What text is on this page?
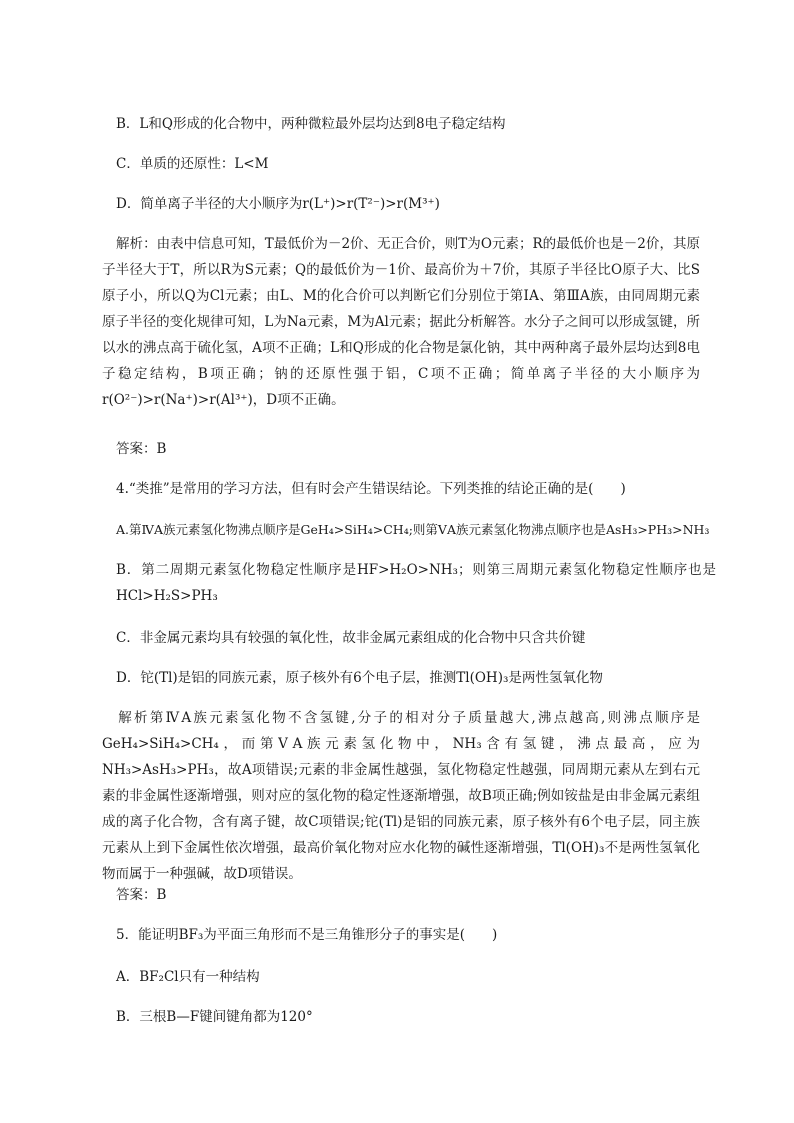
B．L和Q形成的化合物中，两种微粒最外层均达到8电子稳定结构
C．单质的还原性：L<M
D．简单离子半径的大小顺序为r(L⁺)>r(T²⁻)>r(M³⁺)
解析：由表中信息可知，T最低价为－2价、无正合价，则T为O元素；R的最低价也是－2价，其原子半径大于T，所以R为S元素；Q的最低价为－1价、最高价为＋7价，其原子半径比O原子大、比S原子小，所以Q为Cl元素；由L、M的化合价可以判断它们分别位于第ⅠA、第ⅢA族，由同周期元素原子半径的变化规律可知，L为Na元素，M为Al元素；据此分析解答。水分子之间可以形成氢键，所以水的沸点高于硫化氢，A项不正确；L和Q形成的化合物是氯化钠，其中两种离子最外层均达到8电子稳定结构，B项正确；钠的还原性强于铝，C项不正确；简单离子半径的大小顺序为r(O²⁻)>r(Na⁺)>r(Al³⁺)，D项不正确。
答案：B
4.“类推”是常用的学习方法，但有时会产生错误结论。下列类推的结论正确的是(　　)
A.第ⅣA族元素氢化物沸点顺序是GeH₄>SiH₄>CH₄;则第ⅤA族元素氢化物沸点顺序也是AsH₃>PH₃>NH₃
B．第二周期元素氢化物稳定性顺序是HF>H₂O>NH₃；则第三周期元素氢化物稳定性顺序也是HCl>H₂S>PH₃
C．非金属元素均具有较强的氧化性，故非金属元素组成的化合物中只含共价键
D．铊(Tl)是铝的同族元素，原子核外有6个电子层，推测Tl(OH)₃是两性氢氧化物
解析第ⅣA族元素氢化物不含氢键,分子的相对分子质量越大,沸点越高,则沸点顺序是GeH₄>SiH₄>CH₄，而第ⅤA族元素氢化物中，NH₃含有氢键，沸点最高，应为NH₃>AsH₃>PH₃，故A项错误;元素的非金属性越强，氢化物稳定性越强，同周期元素从左到右元素的非金属性逐渐增强，则对应的氢化物的稳定性逐渐增强，故B项正确;例如铵盐是由非金属元素组成的离子化合物，含有离子键，故C项错误;铊(Tl)是铝的同族元素，原子核外有6个电子层，同主族元素从上到下金属性依次增强，最高价氧化物对应水化物的碱性逐渐增强，Tl(OH)₃不是两性氢氧化物而属于一种强碱，故D项错误。
答案：B
5．能证明BF₃为平面三角形而不是三角锥形分子的事实是(　　)
A．BF₂Cl只有一种结构
B．三根B—F键间键角都为120°
